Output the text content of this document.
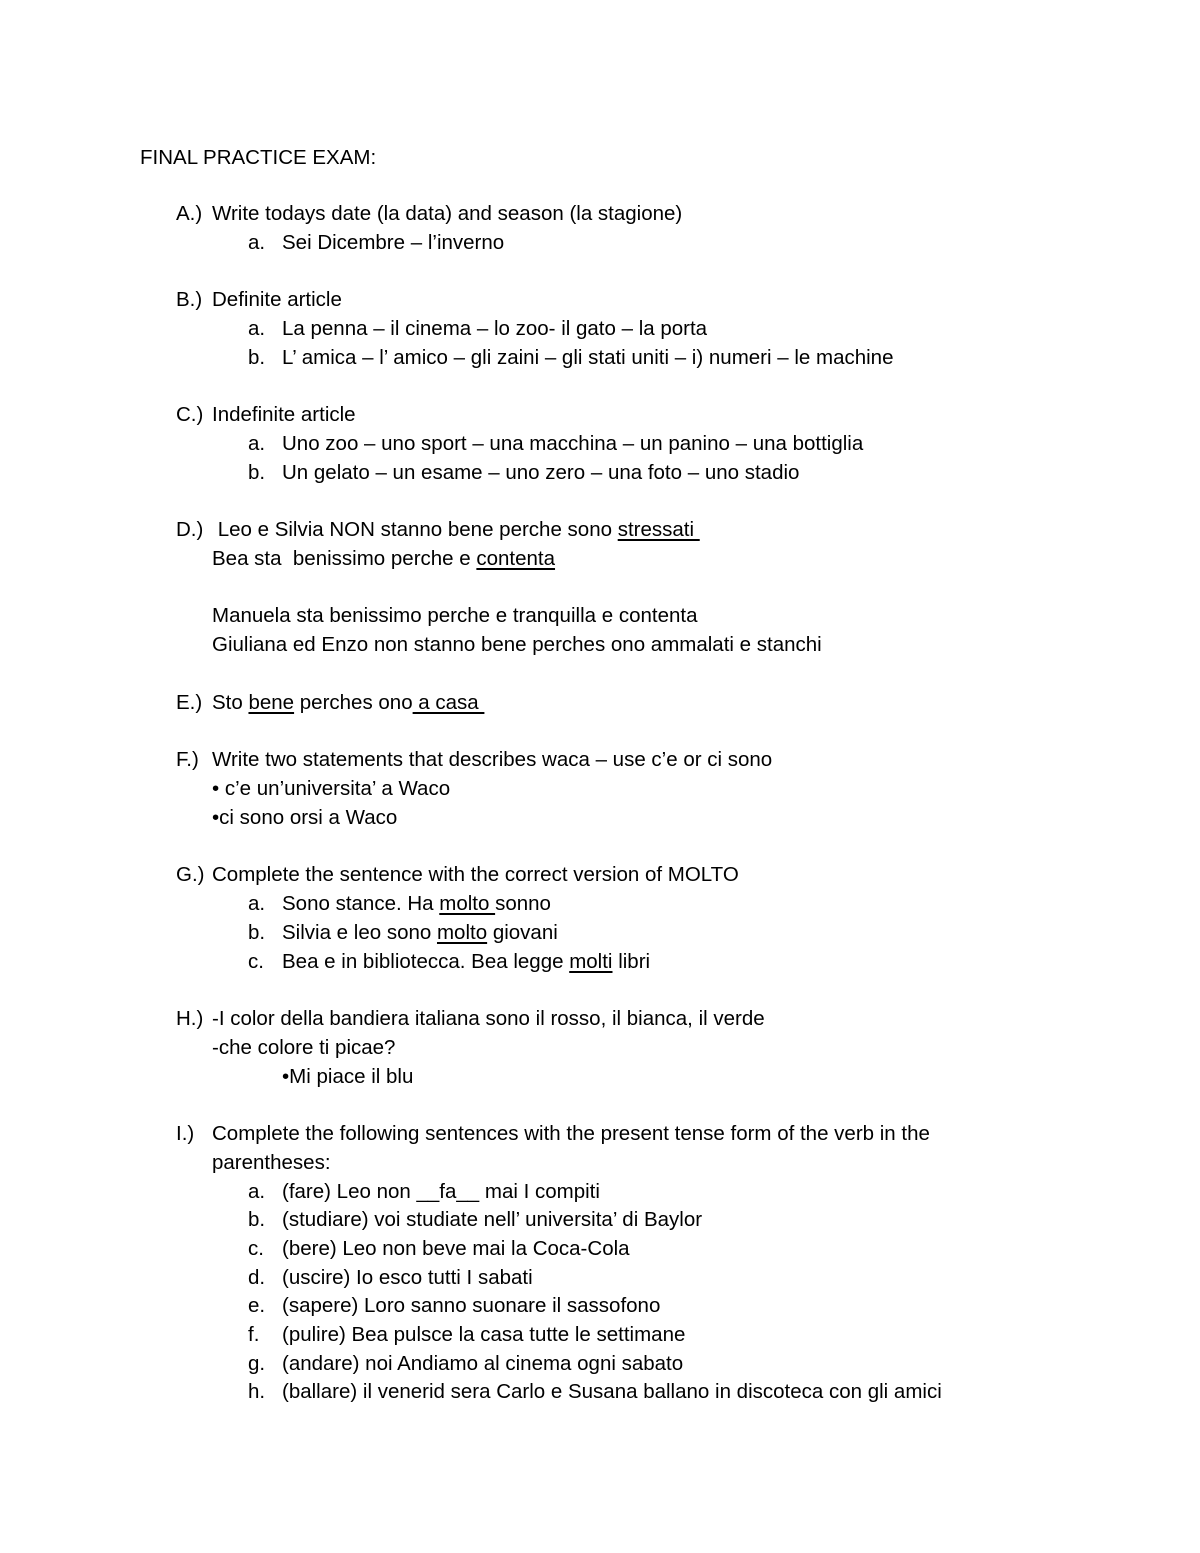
FINAL PRACTICE EXAM:
A.) Write todays date (la data) and season (la stagione)
a. Sei Dicembre – l’inverno
B.) Definite article
a. La penna – il cinema – lo zoo- il gato – la porta
b. L’ amica – l’ amico – gli zaini – gli stati uniti – i) numeri – le machine
C.) Indefinite article
a. Uno zoo – uno sport – una macchina – un panino – una bottiglia
b. Un gelato – un esame – uno zero – una foto – uno stadio
D.) Leo e Silvia NON stanno bene perche sono stressati
Bea sta  benissimo perche e contenta
Manuela sta benissimo perche e tranquilla e contenta
Giuliana ed Enzo non stanno bene perches ono ammalati e stanchi
E.) Sto bene perches ono a casa
F.) Write two statements that describes waca – use c’e or ci sono
• c’e un’universita’ a Waco
•ci sono orsi a Waco
G.) Complete the sentence with the correct version of MOLTO
a. Sono stance. Ha molto sonno
b. Silvia e leo sono molto giovani
c. Bea e in bibliotecca. Bea legge molti libri
H.) -I color della bandiera italiana sono il rosso, il bianca, il verde
-che colore ti picae?
•Mi piace il blu
I.) Complete the following sentences with the present tense form of the verb in the
parentheses:
a. (fare) Leo non __fa__ mai I compiti
b. (studiare) voi studiate nell’ universita’ di Baylor
c. (bere) Leo non beve mai la Coca-Cola
d. (uscire) Io esco tutti I sabati
e. (sapere) Loro sanno suonare il sassofono
f. (pulire) Bea pulsce la casa tutte le settimane
g. (andare) noi Andiamo al cinema ogni sabato
h. (ballare) il venerid sera Carlo e Susana ballano in discoteca con gli amici
